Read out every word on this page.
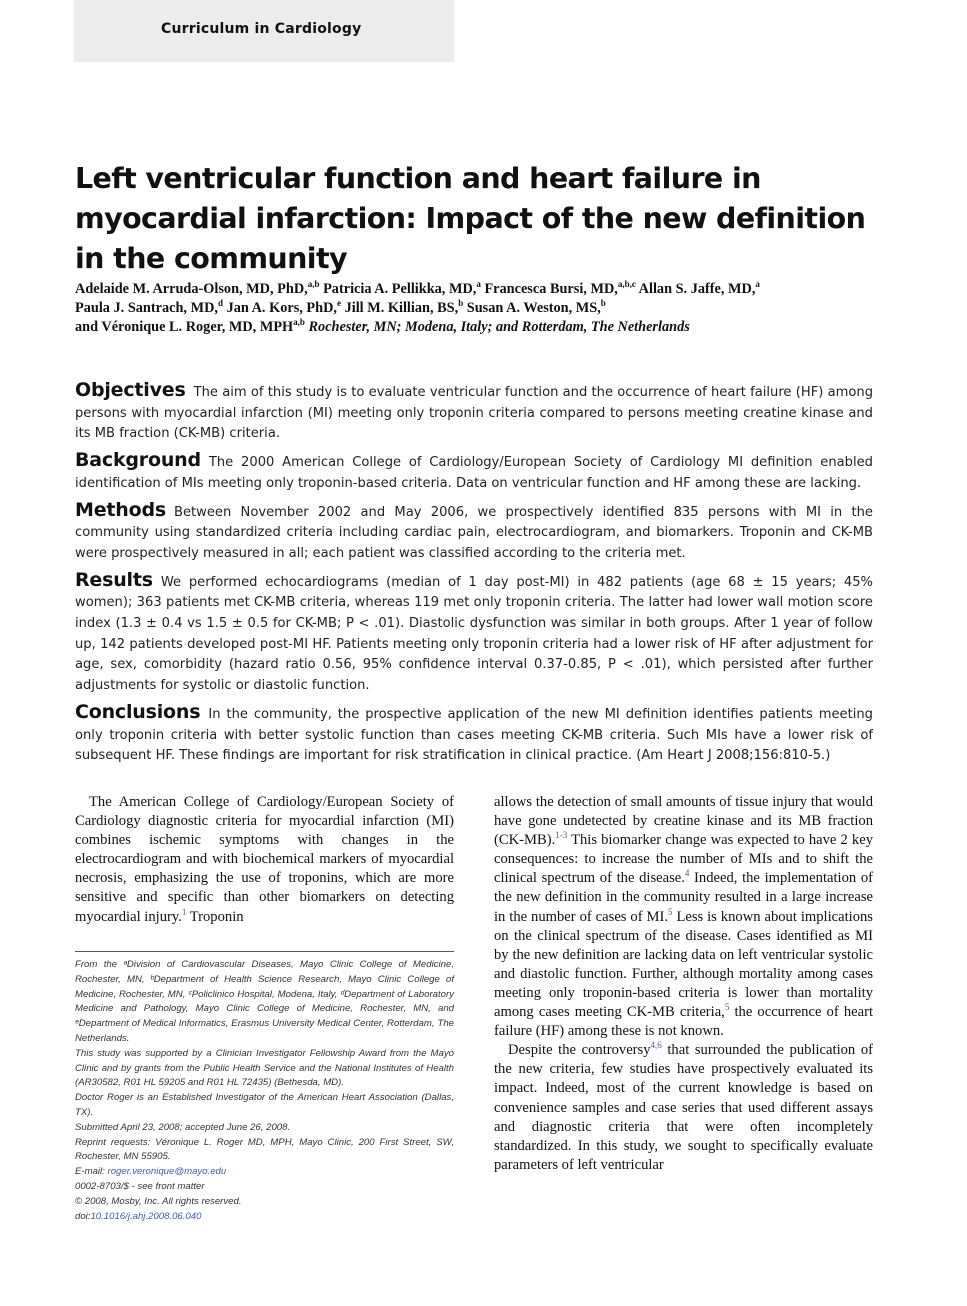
Curriculum in Cardiology
Left ventricular function and heart failure in myocardial infarction: Impact of the new definition in the community
Adelaide M. Arruda-Olson, MD, PhD,$^{a,b}$ Patricia A. Pellikka, MD,$^a$ Francesca Bursi, MD,$^{a,b,c}$ Allan S. Jaffe, MD,$^a$
Paula J. Santrach, MD,$^d$ Jan A. Kors, PhD,$^e$ Jill M. Killian, BS,$^b$ Susan A. Weston, MS,$^b$
and Véronique L. Roger, MD, MPH$^{a,b}$ Rochester, MN; Modena, Italy; and Rotterdam, The Netherlands

Objectives The aim of this study is to evaluate ventricular function and the occurrence of heart failure (HF) among persons with myocardial infarction (MI) meeting only troponin criteria compared to persons meeting creatine kinase and its MB fraction (CK-MB) criteria.

Background The 2000 American College of Cardiology/European Society of Cardiology MI definition enabled identification of MIs meeting only troponin-based criteria. Data on ventricular function and HF among these are lacking.

Methods Between November 2002 and May 2006, we prospectively identified 835 persons with MI in the community using standardized criteria including cardiac pain, electrocardiogram, and biomarkers. Troponin and CK-MB were prospectively measured in all; each patient was classified according to the criteria met.

Results We performed echocardiograms (median of 1 day post-MI) in 482 patients (age 68 ± 15 years; 45% women); 363 patients met CK-MB criteria, whereas 119 met only troponin criteria. The latter had lower wall motion score index (1.3 ± 0.4 vs 1.5 ± 0.5 for CK-MB; P < .01). Diastolic dysfunction was similar in both groups. After 1 year of follow up, 142 patients developed post-MI HF. Patients meeting only troponin criteria had a lower risk of HF after adjustment for age, sex, comorbidity (hazard ratio 0.56, 95% confidence interval 0.37-0.85, P < .01), which persisted after further adjustments for systolic or diastolic function.

Conclusions In the community, the prospective application of the new MI definition identifies patients meeting only troponin criteria with better systolic function than cases meeting CK-MB criteria. Such MIs have a lower risk of subsequent HF. These findings are important for risk stratification in clinical practice. (Am Heart J 2008;156:810-5.)

The American College of Cardiology/European Society of Cardiology diagnostic criteria for myocardial infarction (MI) combines ischemic symptoms with changes in the electrocardiogram and with biochemical markers of myocardial necrosis, emphasizing the use of troponins, which are more sensitive and specific than other biomarkers on detecting myocardial injury.$^1$ Troponin

From the ᵃDivision of Cardiovascular Diseases, Mayo Clinic College of Medicine, Rochester, MN, ᵇDepartment of Health Science Research, Mayo Clinic College of Medicine, Rochester, MN, ᶜPoliclinico Hospital, Modena, Italy, ᵈDepartment of Laboratory Medicine and Pathology, Mayo Clinic College of Medicine, Rochester, MN, and ᵉDepartment of Medical Informatics, Erasmus University Medical Center, Rotterdam, The Netherlands.
This study was supported by a Clinician Investigator Fellowship Award from the Mayo Clinic and by grants from the Public Health Service and the National Institutes of Health (AR30582, R01 HL 59205 and R01 HL 72435) (Bethesda, MD).
Doctor Roger is an Established Investigator of the American Heart Association (Dallas, TX).
Submitted April 23, 2008; accepted June 26, 2008.
Reprint requests: Véronique L. Roger MD, MPH, Mayo Clinic, 200 First Street, SW, Rochester, MN 55905.
E-mail: roger.veronique@mayo.edu
0002-8703/$ - see front matter
© 2008, Mosby, Inc. All rights reserved.
doi:10.1016/j.ahj.2008.06.040

allows the detection of small amounts of tissue injury that would have gone undetected by creatine kinase and its MB fraction (CK-MB).$^{1-3}$ This biomarker change was expected to have 2 key consequences: to increase the number of MIs and to shift the clinical spectrum of the disease.$^4$ Indeed, the implementation of the new definition in the community resulted in a large increase in the number of cases of MI.$^5$ Less is known about implications on the clinical spectrum of the disease. Cases identified as MI by the new definition are lacking data on left ventricular systolic and diastolic function. Further, although mortality among cases meeting only troponin-based criteria is lower than mortality among cases meeting CK-MB criteria,$^5$ the occurrence of heart failure (HF) among these is not known.

Despite the controversy$^{4,6}$ that surrounded the publication of the new criteria, few studies have prospectively evaluated its impact. Indeed, most of the current knowledge is based on convenience samples and case series that used different assays and diagnostic criteria that were often incompletely standardized. In this study, we sought to specifically evaluate parameters of left ventricular
